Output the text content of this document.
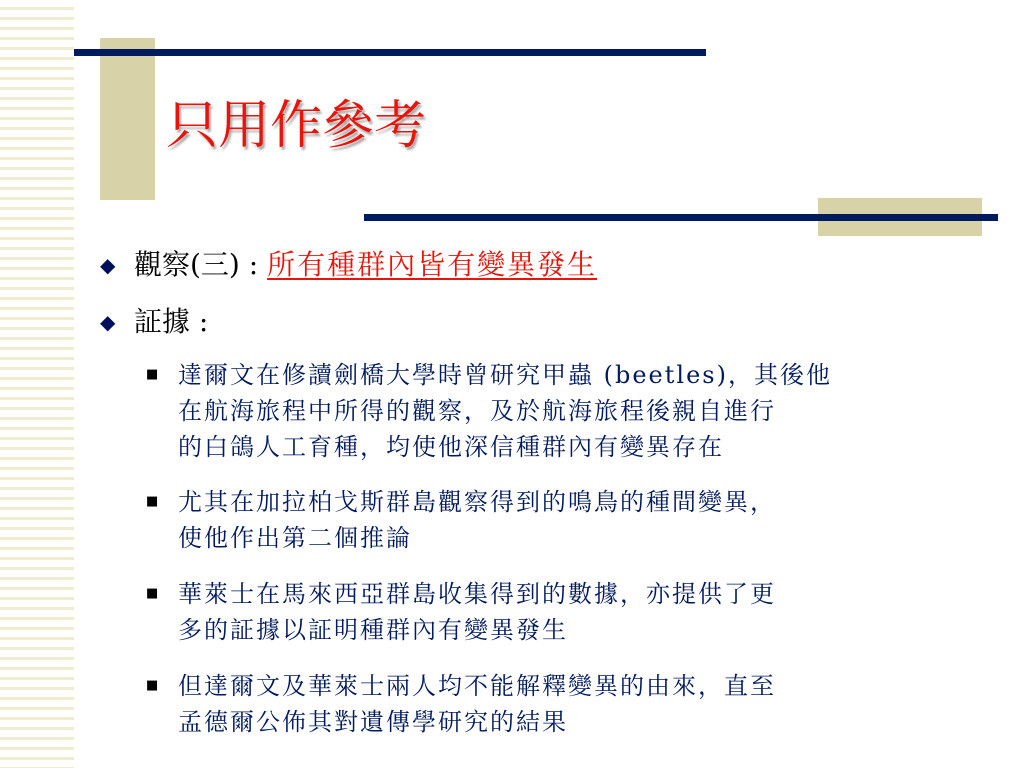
只用作參考
◆ 觀察(三) : 所有種群內皆有變異發生
◆ 証據 :
■ 達爾文在修讀劍橋大學時曾研究甲蟲 (beetles)，其後他
在航海旅程中所得的觀察，及於航海旅程後親自進行
的白鴿人工育種，均使他深信種群內有變異存在
■ 尤其在加拉柏戈斯群島觀察得到的鳴鳥的種間變異，
使他作出第二個推論
■ 華萊士在馬來西亞群島收集得到的數據，亦提供了更
多的証據以証明種群內有變異發生
■ 但達爾文及華萊士兩人均不能解釋變異的由來，直至
孟德爾公佈其對遺傳學研究的結果
